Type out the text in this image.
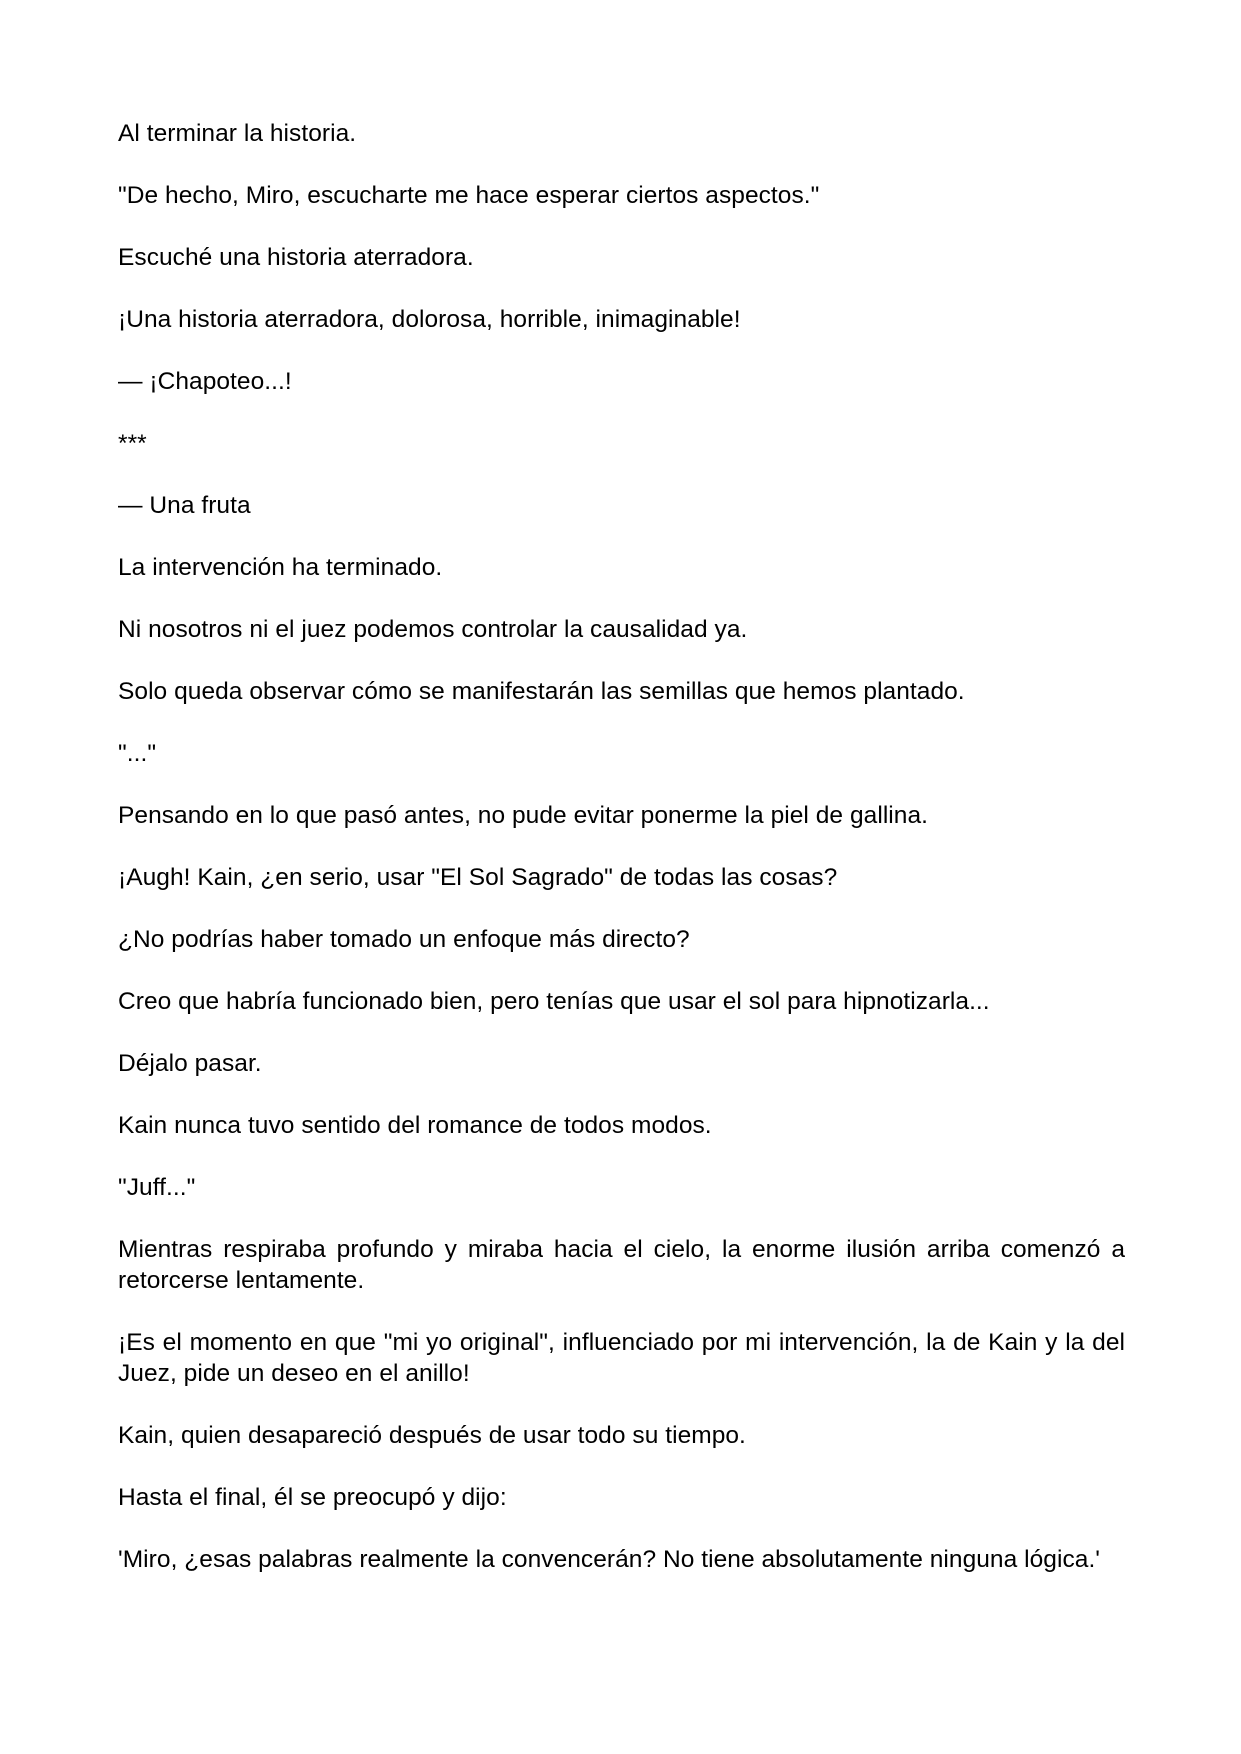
Al terminar la historia.

"De hecho, Miro, escucharte me hace esperar ciertos aspectos."

Escuché una historia aterradora.

¡Una historia aterradora, dolorosa, horrible, inimaginable!

— ¡Chapoteo...!

***

— Una fruta

La intervención ha terminado.

Ni nosotros ni el juez podemos controlar la causalidad ya.

Solo queda observar cómo se manifestarán las semillas que hemos plantado.

"..."

Pensando en lo que pasó antes, no pude evitar ponerme la piel de gallina.

¡Augh! Kain, ¿en serio, usar "El Sol Sagrado" de todas las cosas?

¿No podrías haber tomado un enfoque más directo?

Creo que habría funcionado bien, pero tenías que usar el sol para hipnotizarla...

Déjalo pasar.

Kain nunca tuvo sentido del romance de todos modos.

"Juff..."

Mientras respiraba profundo y miraba hacia el cielo, la enorme ilusión arriba comenzó a retorcerse lentamente.

¡Es el momento en que "mi yo original", influenciado por mi intervención, la de Kain y la del Juez, pide un deseo en el anillo!

Kain, quien desapareció después de usar todo su tiempo.

Hasta el final, él se preocupó y dijo:

'Miro, ¿esas palabras realmente la convencerán? No tiene absolutamente ninguna lógica.'
